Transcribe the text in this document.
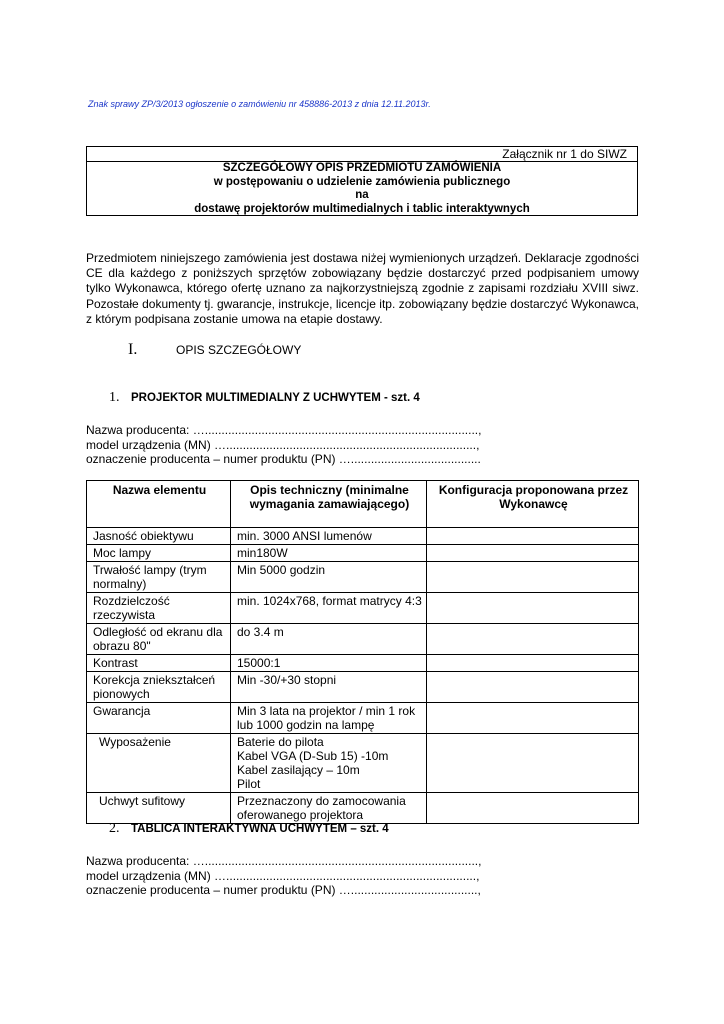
Znak sprawy ZP/3/2013 ogłoszenie o zamówieniu nr 458886-2013 z dnia 12.11.2013r.
Załącznik nr 1 do SIWZ
SZCZEGÓŁOWY OPIS PRZEDMIOTU ZAMÓWIENIA
w postępowaniu o udzielenie zamówienia publicznego
na
dostawę projektorów multimedialnych i tablic interaktywnych
Przedmiotem niniejszego zamówienia jest dostawa niżej wymienionych urządzeń. Deklaracje zgodności CE dla każdego z poniższych sprzętów zobowiązany będzie dostarczyć przed podpisaniem umowy tylko Wykonawca, którego ofertę uznano za najkorzystniejszą zgodnie z zapisami rozdziału XVIII siwz. Pozostałe dokumenty tj. gwarancje, instrukcje, licencje itp. zobowiązany będzie dostarczyć Wykonawca, z którym podpisana zostanie umowa na etapie dostawy.
I.	OPIS SZCZEGÓŁOWY
1. PROJEKTOR MULTIMEDIALNY Z UCHWYTEM - szt. 4
Nazwa producenta: …..................................................................................,
model urządzenia (MN) …...........................................................................,
oznaczenie producenta – numer produktu (PN) ….......................................
Nazwa elementu	Opis techniczny (minimalne wymagania zamawiającego)	Konfiguracja proponowana przez Wykonawcę
Jasność obiektywu	min. 3000 ANSI lumenów	
Moc lampy	min180W	
Trwałość lampy (trym normalny)	Min 5000 godzin	
Rozdzielczość rzeczywista	min. 1024x768, format matrycy 4:3	
Odległość od ekranu dla obrazu 80"	do 3.4 m	
Kontrast	15000:1	
Korekcja zniekształceń pionowych	Min -30/+30 stopni	
Gwarancja	Min 3 lata na projektor / min 1 rok lub 1000 godzin na lampę	
Wyposażenie	Baterie do pilota
Kabel VGA (D-Sub 15) -10m
Kabel zasilający – 10m
Pilot	

Uchwyt sufitowy	Przeznaczony do zamocowania oferowanego projektora	
2. TABLICA INTERAKTYWNA UCHWYTEM – szt. 4
Nazwa producenta: …..................................................................................,
model urządzenia (MN) …...........................................................................,
oznaczenie producenta – numer produktu (PN) …......................................,
